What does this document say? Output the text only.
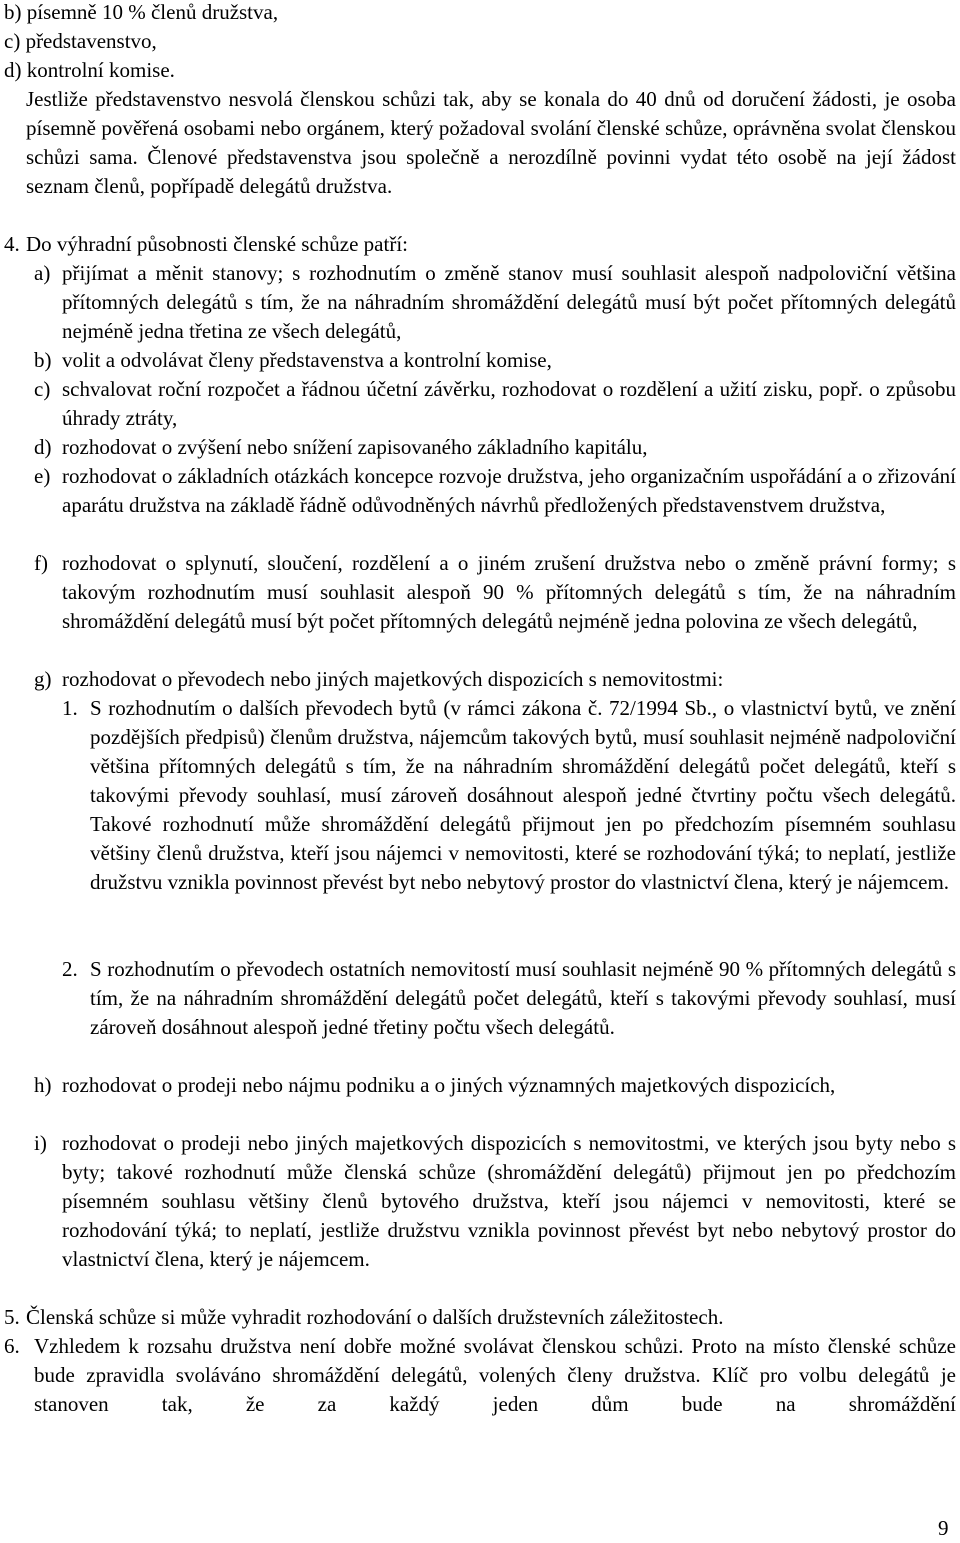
b) písemně 10 % členů družstva,
c) představenstvo,
d) kontrolní komise.
Jestliže představenstvo nesvolá členskou schůzi tak, aby se konala do 40 dnů od doručení žádosti, je osoba písemně pověřená osobami nebo orgánem, který požadoval svolání členské schůze, oprávněna svolat členskou schůzi sama. Členové představenstva jsou společně a nerozdílně povinni vydat této osobě na její žádost seznam členů, popřípadě delegátů družstva.
4. Do výhradní působnosti členské schůze patří:
a) přijímat a měnit stanovy; s rozhodnutím o změně stanov musí souhlasit alespoň nadpoloviční většina přítomných delegátů s tím, že na náhradním shromáždění delegátů musí být počet přítomných delegátů nejméně jedna třetina ze všech delegátů,
b) volit a odvolávat členy představenstva a kontrolní komise,
c) schvalovat roční rozpočet a řádnou účetní závěrku, rozhodovat o rozdělení a užití zisku, popř. o způsobu úhrady ztráty,
d) rozhodovat o zvýšení nebo snížení zapisovaného základního kapitálu,
e) rozhodovat o základních otázkách koncepce rozvoje družstva, jeho organizačním uspořádání a o zřizování aparátu družstva na základě řádně odůvodněných návrhů předložených představenstvem družstva,
f) rozhodovat o splynutí, sloučení, rozdělení a o jiném zrušení družstva nebo o změně právní formy; s takovým rozhodnutím musí souhlasit alespoň 90 % přítomných delegátů s tím, že na náhradním shromáždění delegátů musí být počet přítomných delegátů nejméně jedna polovina ze všech delegátů,
g) rozhodovat o převodech nebo jiných majetkových dispozicích s nemovitostmi:
1. S rozhodnutím o dalších převodech bytů (v rámci zákona č. 72/1994 Sb., o vlastnictví bytů, ve znění pozdějších předpisů) členům družstva, nájemcům takových bytů, musí souhlasit nejméně nadpoloviční většina přítomných delegátů s tím, že na náhradním shromáždění delegátů počet delegátů, kteří s takovými převody souhlasí, musí zároveň dosáhnout alespoň jedné čtvrtiny počtu všech delegátů. Takové rozhodnutí může shromáždění delegátů přijmout jen po předchozím písemném souhlasu většiny členů družstva, kteří jsou nájemci v nemovitosti, které se rozhodování týká; to neplatí, jestliže družstvu vznikla povinnost převést byt nebo nebytový prostor do vlastnictví člena, který je nájemcem.
2. S rozhodnutím o převodech ostatních nemovitostí musí souhlasit nejméně 90 % přítomných delegátů s tím, že na náhradním shromáždění delegátů počet delegátů, kteří s takovými převody souhlasí, musí zároveň dosáhnout alespoň jedné třetiny počtu všech delegátů.
h) rozhodovat o prodeji nebo nájmu podniku a o jiných významných majetkových dispozicích,
i) rozhodovat o prodeji nebo jiných majetkových dispozicích s nemovitostmi, ve kterých jsou byty nebo s byty; takové rozhodnutí může členská schůze (shromáždění delegátů) přijmout jen po předchozím písemném souhlasu většiny členů bytového družstva, kteří jsou nájemci v nemovitosti, které se rozhodování týká; to neplatí, jestliže družstvu vznikla povinnost převést byt nebo nebytový prostor do vlastnictví člena, který je nájemcem.
5. Členská schůze si může vyhradit rozhodování o dalších družstevních záležitostech.
6. Vzhledem k rozsahu družstva není dobře možné svolávat členskou schůzi. Proto na místo členské schůze bude zpravidla svoláváno shromáždění delegátů, volených členy družstva. Klíč pro volbu delegátů je stanoven tak, že za každý jeden dům bude na shromáždění
9
